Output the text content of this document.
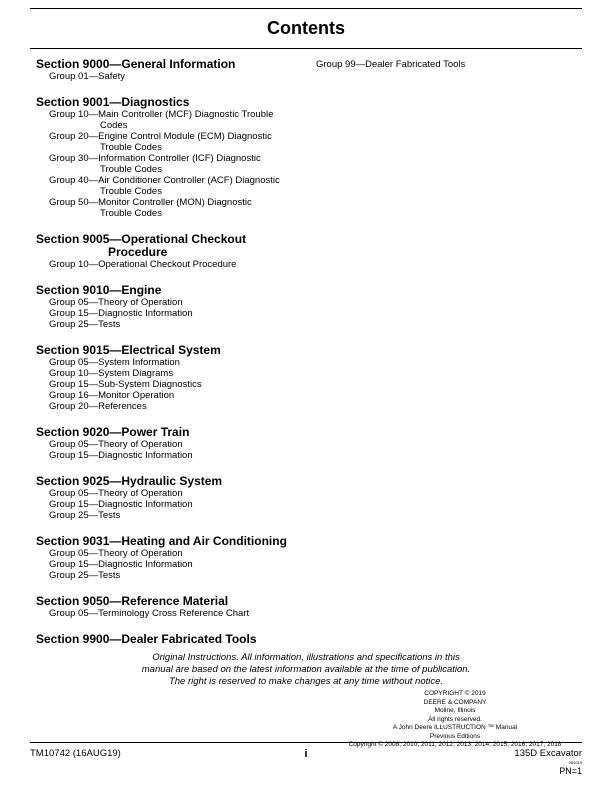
Contents
Section 9000—General Information
Group 01—Safety
Section 9001—Diagnostics
Group 10—Main Controller (MCF) Diagnostic Trouble
Codes
Group 20—Engine Control Module (ECM) Diagnostic
Trouble Codes
Group 30—Information Controller (ICF) Diagnostic
Trouble Codes
Group 40—Air Conditioner Controller (ACF) Diagnostic
Trouble Codes
Group 50—Monitor Controller (MON) Diagnostic
Trouble Codes
Section 9005—Operational Checkout
Procedure
Group 10—Operational Checkout Procedure
Section 9010—Engine
Group 05—Theory of Operation
Group 15—Diagnostic Information
Group 25—Tests
Section 9015—Electrical System
Group 05—System Information
Group 10—System Diagrams
Group 15—Sub-System Diagnostics
Group 16—Monitor Operation
Group 20—References
Section 9020—Power Train
Group 05—Theory of Operation
Group 15—Diagnostic Information
Section 9025—Hydraulic System
Group 05—Theory of Operation
Group 15—Diagnostic Information
Group 25—Tests
Section 9031—Heating and Air Conditioning
Group 05—Theory of Operation
Group 15—Diagnostic Information
Group 25—Tests
Section 9050—Reference Material
Group 05—Terminology Cross Reference Chart
Section 9900—Dealer Fabricated Tools
Group 99—Dealer Fabricated Tools
Original Instructions. All information, illustrations and specifications in this
manual are based on the latest information available at the time of publication.
The right is reserved to make changes at any time without notice.
COPYRIGHT © 2019
DEERE & COMPANY
Moline, Illinois
All rights reserved.
A John Deere ILLUSTRUCTION ™ Manual
Previous Editions
Copyright © 2008, 2010, 2011, 2012, 2013, 2014, 2015, 2016, 2017, 2018
TM10742 (16AUG19)	i	135D Excavator
081019
PN=1
